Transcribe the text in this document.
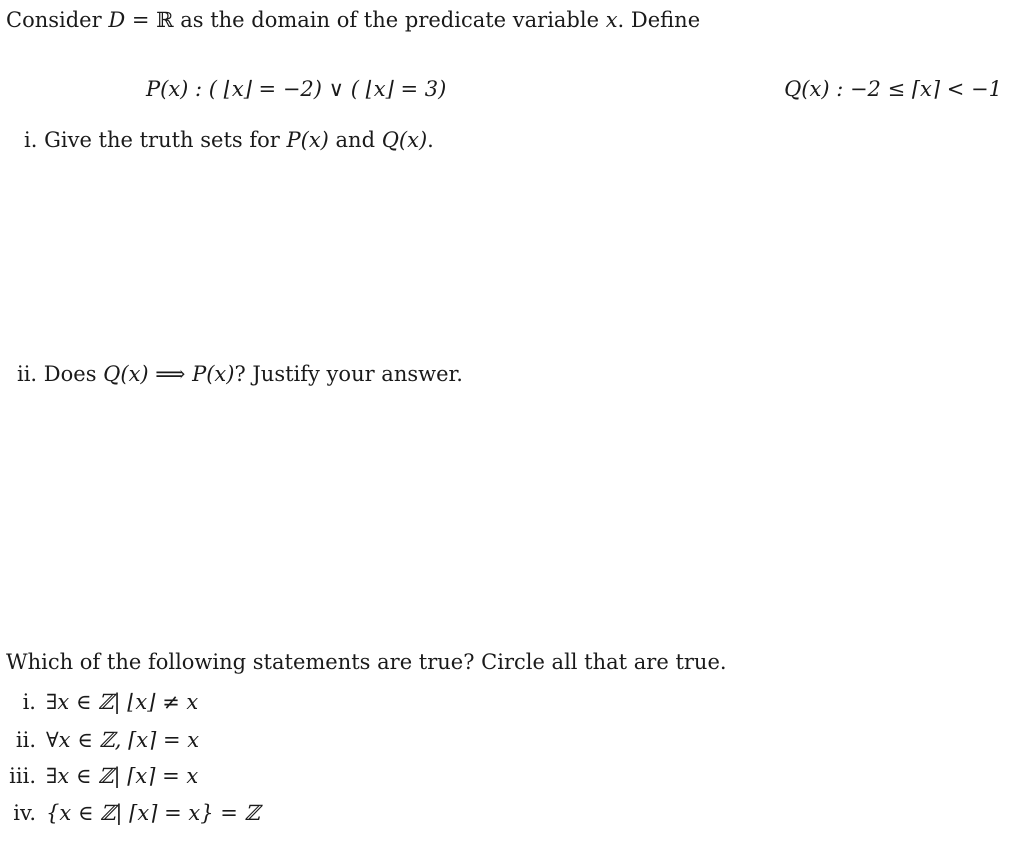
Consider D = ℝ as the domain of the predicate variable x. Define
P(x) : ( ⌊x⌋ = −2) ∨ ( ⌊x⌋ = 3)	Q(x) : −2 ≤ ⌈x⌉ < −1
i. Give the truth sets for P(x) and Q(x).
ii. Does Q(x) ⟹ P(x)? Justify your answer.
Which of the following statements are true? Circle all that are true.
i. ∃x ∈ ℤ| ⌊x⌋ ≠ x
ii. ∀x ∈ ℤ, ⌈x⌉ = x
iii. ∃x ∈ ℤ| ⌈x⌉ = x
iv. {x ∈ ℤ| ⌈x⌉ = x} = ℤ
